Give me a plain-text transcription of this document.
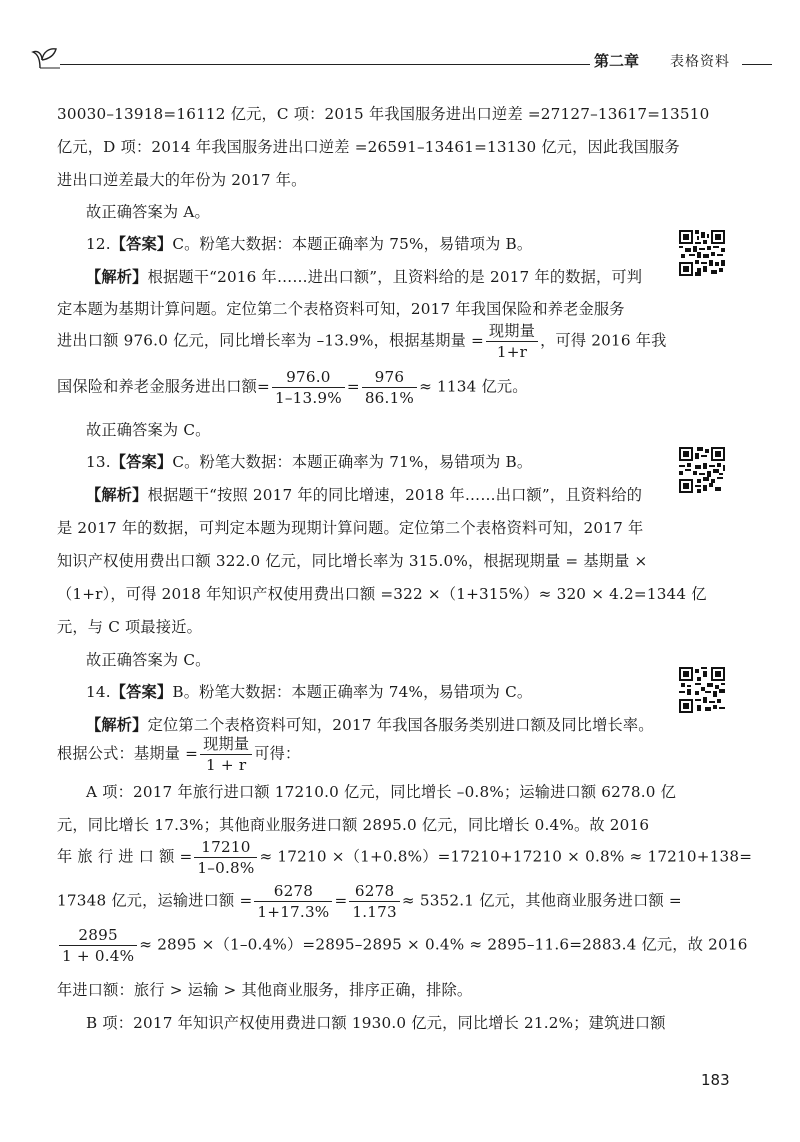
第二章 表格资料
30030–13918=16112 亿元，C 项：2015 年我国服务进出口逆差 =27127–13617=13510
亿元，D 项：2014 年我国服务进出口逆差 =26591–13461=13130 亿元，因此我国服务
进出口逆差最大的年份为 2017 年。
故正确答案为 A。
12.【答案】C。粉笔大数据：本题正确率为 75%，易错项为 B。
【解析】根据题干“2016 年……进出口额”，且资料给的是 2017 年的数据，可判
定本题为基期计算问题。定位第二个表格资料可知，2017 年我国保险和养老金服务
进出口额 976.0 亿元，同比增长率为 –13.9%，根据基期量 = $\frac{\text{现期量}}{1+r}$ ，可得 2016 年我
国保险和养老金服务进出口额= $\frac{976.0}{1-13.9\%} = \frac{976}{86.1\%} \approx 1134$ 亿元。
故正确答案为 C。
13.【答案】C。粉笔大数据：本题正确率为 71%，易错项为 B。
【解析】根据题干“按照 2017 年的同比增速，2018 年……出口额”，且资料给的
是 2017 年的数据，可判定本题为现期计算问题。定位第二个表格资料可知，2017 年
知识产权使用费出口额 322.0 亿元，同比增长率为 315.0%，根据现期量 = 基期量 ×
（1+r），可得 2018 年知识产权使用费出口额 =322 ×（1+315%）≈ 320 × 4.2=1344 亿
元，与 C 项最接近。
故正确答案为 C。
14.【答案】B。粉笔大数据：本题正确率为 74%，易错项为 C。
【解析】定位第二个表格资料可知，2017 年我国各服务类别进口额及同比增长率。
根据公式：基期量 = $\frac{\text{现期量}}{1 + r}$ 可得：
A 项：2017 年旅行进口额 17210.0 亿元，同比增长 –0.8%；运输进口额 6278.0 亿
元，同比增长 17.3%；其他商业服务进口额 2895.0 亿元，同比增长 0.4%。故 2016
年 旅 行 进 口 额 = $\frac{17210}{1-0.8\%} \approx 17210 \times(1+0.8\%)=17210+17210 \times 0.8\% \approx 17210+138=$
17348 亿元，运输进口额 = $\frac{6278}{1+17.3\%} = \frac{6278}{1.173} \approx 5352.1$ 亿元，其他商业服务进口额 =
$\frac{2895}{1 + 0.4\%} \approx 2895 \times(1-0.4\%)=2895-2895 \times 0.4\% \approx 2895-11.6=2883.4$ 亿元，故 2016
年进口额：旅行 > 运输 > 其他商业服务，排序正确，排除。
B 项：2017 年知识产权使用费进口额 1930.0 亿元，同比增长 21.2%；建筑进口额
183
